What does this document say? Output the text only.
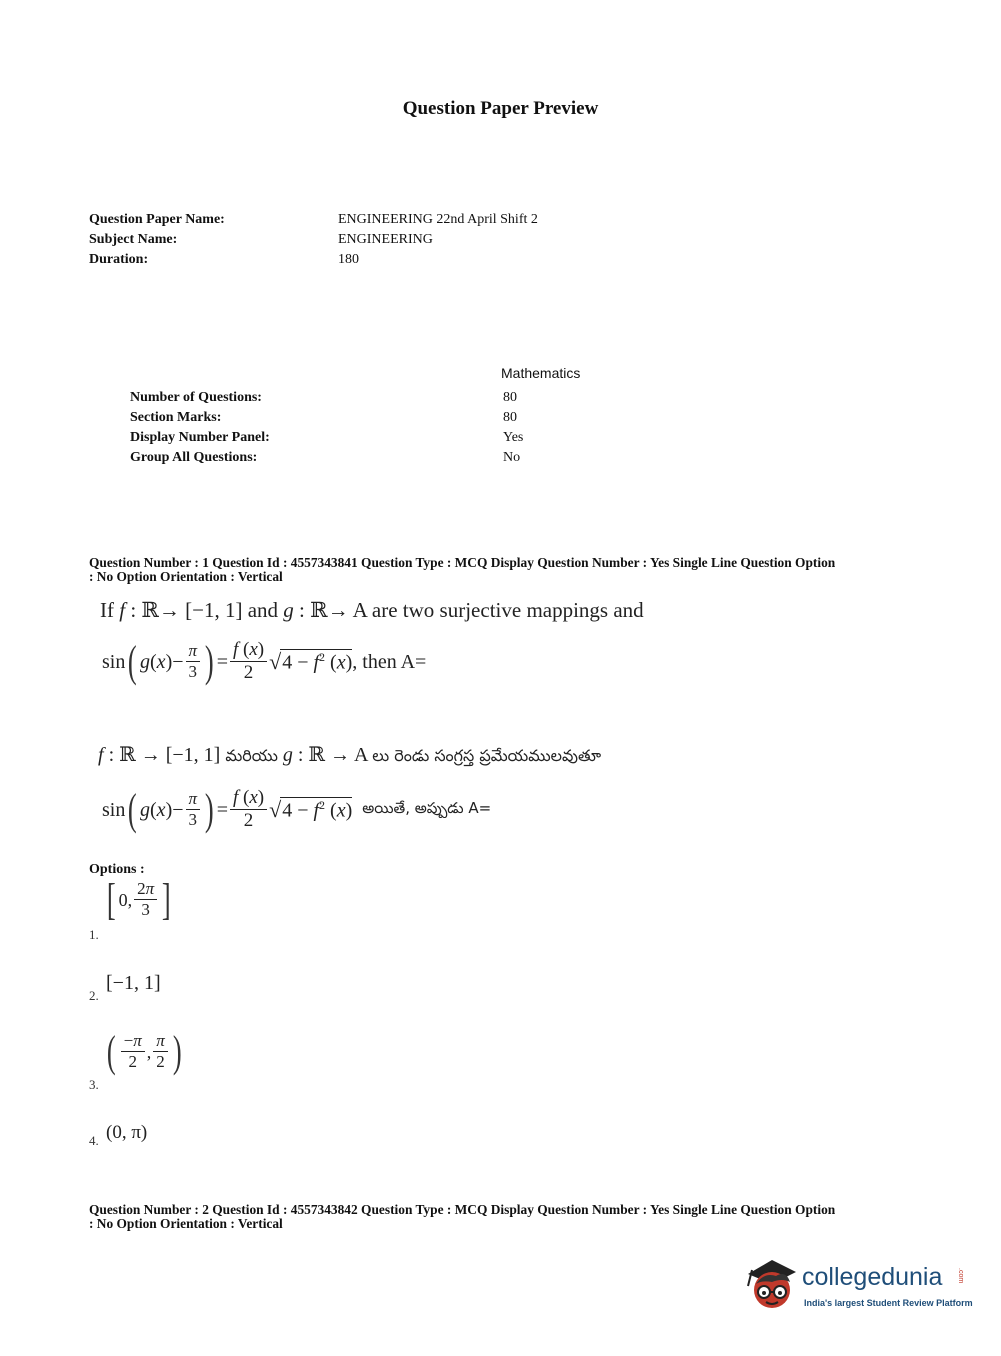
Question Paper Preview
Question Paper Name:	ENGINEERING 22nd April Shift 2
Subject Name:	ENGINEERING
Duration:	180
Mathematics
Number of Questions:	80
Section Marks:	80
Display Number Panel:	Yes
Group All Questions:	No
Question Number : 1 Question Id : 4557343841 Question Type : MCQ Display Question Number : Yes Single Line Question Option
: No Option Orientation : Vertical
If f : ℝ→ [−1, 1] and g : ℝ→ A are two surjective mappings and
sin ( g ( x )− $\frac{\pi}{3}$ ) = $\frac{f (x)}{2}$ √ $4 - f^2$ (x) , then A=
f : ℝ → [−1, 1] మరియు g : ℝ → A లు రెండు సంగ్రస్త ప్రమేయములవుతూ
sin ( g ( x )− $\frac{\pi}{3}$ ) = $\frac{f (x)}{2}$ √ $4 - f^2$ (x) అయితే, అప్పుడు A=
Options :
1.
[ 0, $\frac{2\pi}{3}$ ]
2.
[−1, 1]
3.
( $\frac{-\pi}{2}$ , $\frac{\pi}{2}$ )
4. (0, π)
Question Number : 2 Question Id : 4557343842 Question Type : MCQ Display Question Number : Yes Single Line Question Option
: No Option Orientation : Vertical
collegedunia .com
India's largest Student Review Platform
